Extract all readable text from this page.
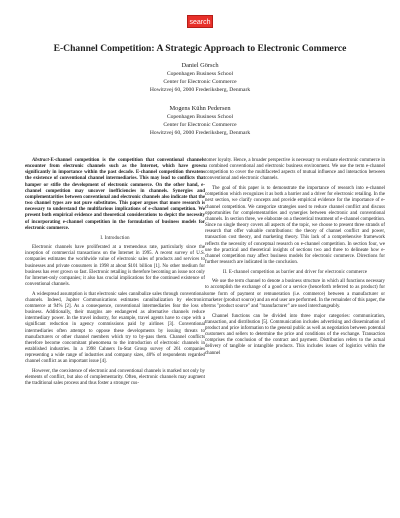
search
E-Channel Competition: A Strategic Approach to Electronic Commerce
Daniel Görsch
Copenhagen Business School
Center for Electronic Commerce
Howitzvej 60, 2000 Frederiksberg, Denmark
Mogens Kühn Pedersen
Copenhagen Business School
Center for Electronic Commerce
Howitzvej 60, 2000 Frederiksberg, Denmark

Abstract-E-channel competition is the competition that conventional channels encounter from electronic channels such as the Internet, which have grown significantly in importance within the past decade. E-channel competition threatens the existence of conventional channel intermediaries. This may lead to conflicts that hamper or stifle the development of electronic commerce. On the other hand, e-channel competition may uncover inefficiencies in channels. Synergies and complementarities between conventional and electronic channels also indicate that the two channel types are not pure substitutes. This paper argues that more research is necessary to understand the multifarious implications of e-channel competition. We present both empirical evidence and theoretical considerations to depict the necessity of incorporating e-channel competition in the formulation of business models for electronic commerce.

I. Introduction

Electronic channels have proliferated at a tremendous rate, particularly since the inception of commercial transactions on the Internet in 1995. A recent survey of U.S. companies estimates the worldwide value of electronic sales of products and services to businesses and private consumers in 1998 at about $101 billion [1]. No other medium for business has ever grown so fast. Electronic retailing is therefore becoming an issue not only for Internet-only companies; it also has crucial implications for the continued existence of conventional channels.

A widespread assumption is that electronic sales cannibalize sales through conventional channels. Indeed, Jupiter Communications estimates cannibalization by electronic commerce at 94% [2]. As a consequence, conventional intermediaries fear the loss of business. Additionally, their margins are endangered as alternative channels reduce intermediary power. In the travel industry, for example, travel agents have to cope with a significant reduction in agency commissions paid by airlines [3]. Conventional intermediaries often attempt to oppose these developments by issuing threats to manufacturers or other channel members which try to by-pass them. Channel conflicts therefore become concomitant phenomena to the introduction of electronic channels in established industries. In a 1998 Cahners In-Stat Group survey of 261 companies representing a wide range of industries and company sizes, 40% of respondents regarded channel conflict as an important issue [4].

However, the coexistence of electronic and conventional channels is marked not only by elements of conflict, but also of complementarity. Often, electronic channels may augment the traditional sales process and thus foster a stronger cus-

tomer loyalty. Hence, a broader perspective is necessary to evaluate electronic commerce in a combined conventional and electronic business environment. We use the term e-channel competition to cover the multifaceted aspects of mutual influence and interaction between conventional and electronic channels.

The goal of this paper is to demonstrate the importance of research into e-channel competition which recognizes it as both a barrier and a driver for electronic retailing. In the next section, we clarify concepts and provide empirical evidence for the importance of e-channel competition. We categorize strategies used to reduce channel conflict and discuss opportunities for complementarities and synergies between electronic and conventional channels. In section three, we elaborate on a theoretical treatment of e-channel competition. Since no single theory covers all aspects of the topic, we choose to present three strands of research that offer valuable contributions: the theory of channel conflict and power, transaction cost theory, and marketing theory. This lack of a comprehensive framework reflects the necessity of conceptual research on e-channel competition. In section four, we use the practical and theoretical insights of sections two and three to delineate how e-channel competition may affect business models for electronic commerce. Directions for further research are indicated in the conclusion.

II. E-channel competition as barrier and driver for electronic commerce

We use the term channel to denote a business structure in which all functions necessary to accomplish the exchange of a good or a service (henceforth referred to as product) for some form of payment or remuneration (i.e. commerce) between a manufacturer or marketer (product source) and an end user are performed. In the remainder of this paper, the terms "product source" and "manufacturer" are used interchangeably.

Channel functions can be divided into three major categories: communication, transaction, and distribution [5]. Communication includes advertising and dissemination of product and price information to the general public as well as negotiation between potential customers and sellers to determine the price and conditions of the exchange. Transaction comprises the conclusion of the contract and payment. Distribution refers to the actual delivery of tangible or intangible products. This includes issues of logistics within the channel
